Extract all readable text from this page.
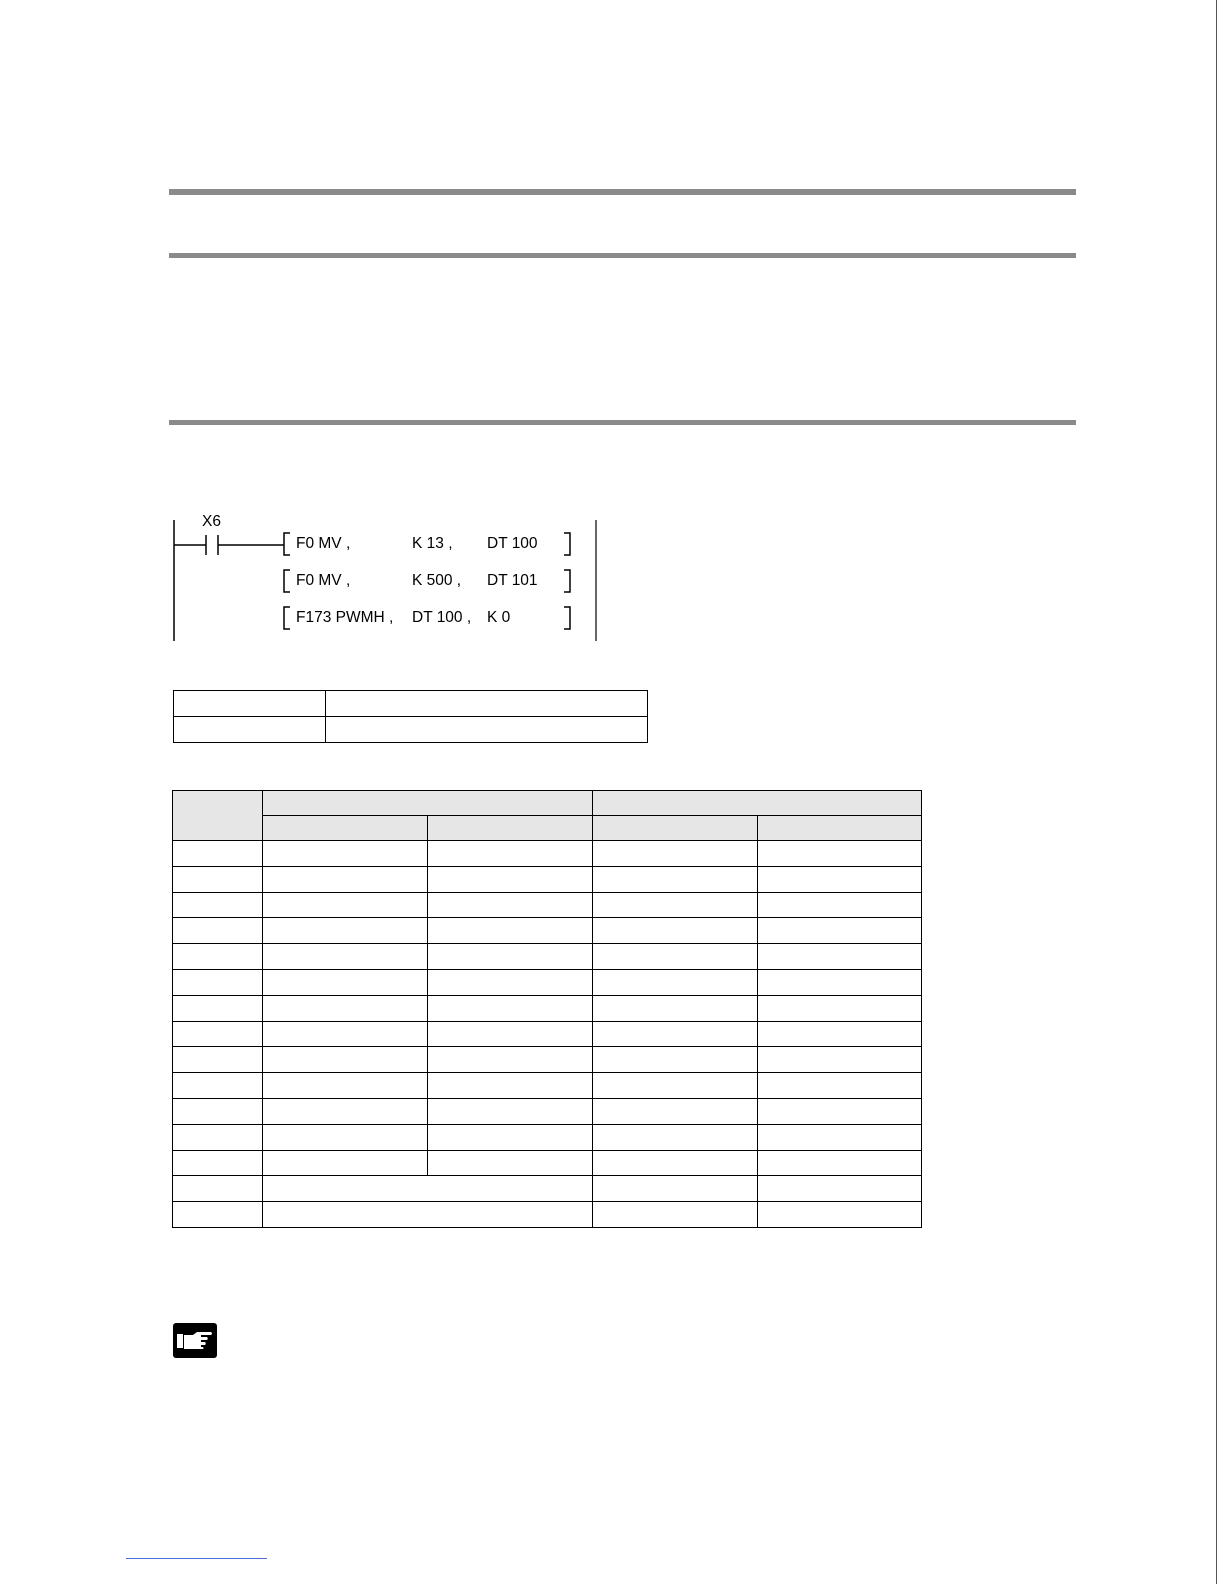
X6
F0 MV ,	K 13 , DT 100
F0 MV ,	K 500 , DT 101
F173 PWMH , DT 100 , K 0
